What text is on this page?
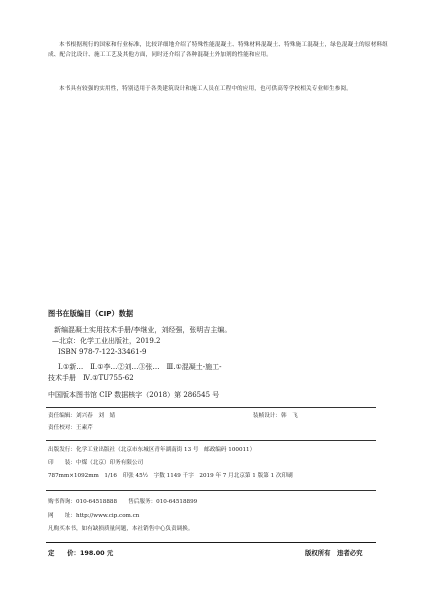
本书根据现行的国家和行业标准，比较详细地介绍了特殊性能混凝土、特殊材料混凝土、特殊施工混凝土，绿色混凝土的原材料组成、配合比设计、施工工艺及其他方面，同时还介绍了各种混凝土外加剂的性能和应用。
本书具有较强的实用性，特别适用于各类建筑设计和施工人员在工程中的应用，也可供高等学校相关专业师生参阅。
图书在版编目（CIP）数据
新编混凝土实用技术手册/李继业，刘经强，张明吉主编。
—北京：化学工业出版社，2019.2
ISBN 978-7-122-33461-9
Ⅰ.①新…　Ⅱ.①李…②刘…③张…　Ⅲ.①混凝土-施工-
技术手册　Ⅳ.①TU755-62
中国版本图书馆 CIP 数据核字（2018）第 286545 号
责任编辑：刘兴春　刘　婧	装帧设计：韩　飞
责任校对：王素芹
出版发行：化学工业出版社（北京市东城区青年湖南街 13 号　邮政编码 100011）
印　　装：中煤（北京）印务有限公司
787mm×1092mm　1/16　印张 45½　字数 1149 千字　2019 年 7 月北京第 1 版第 1 次印刷
购书咨询：010-64518888　　售后服务：010-64518899
网　　址：http://www.cip.com.cn
凡购买本书，如有缺损质量问题，本社销售中心负责调换。
定　　价：198.00 元	版权所有　违者必究
